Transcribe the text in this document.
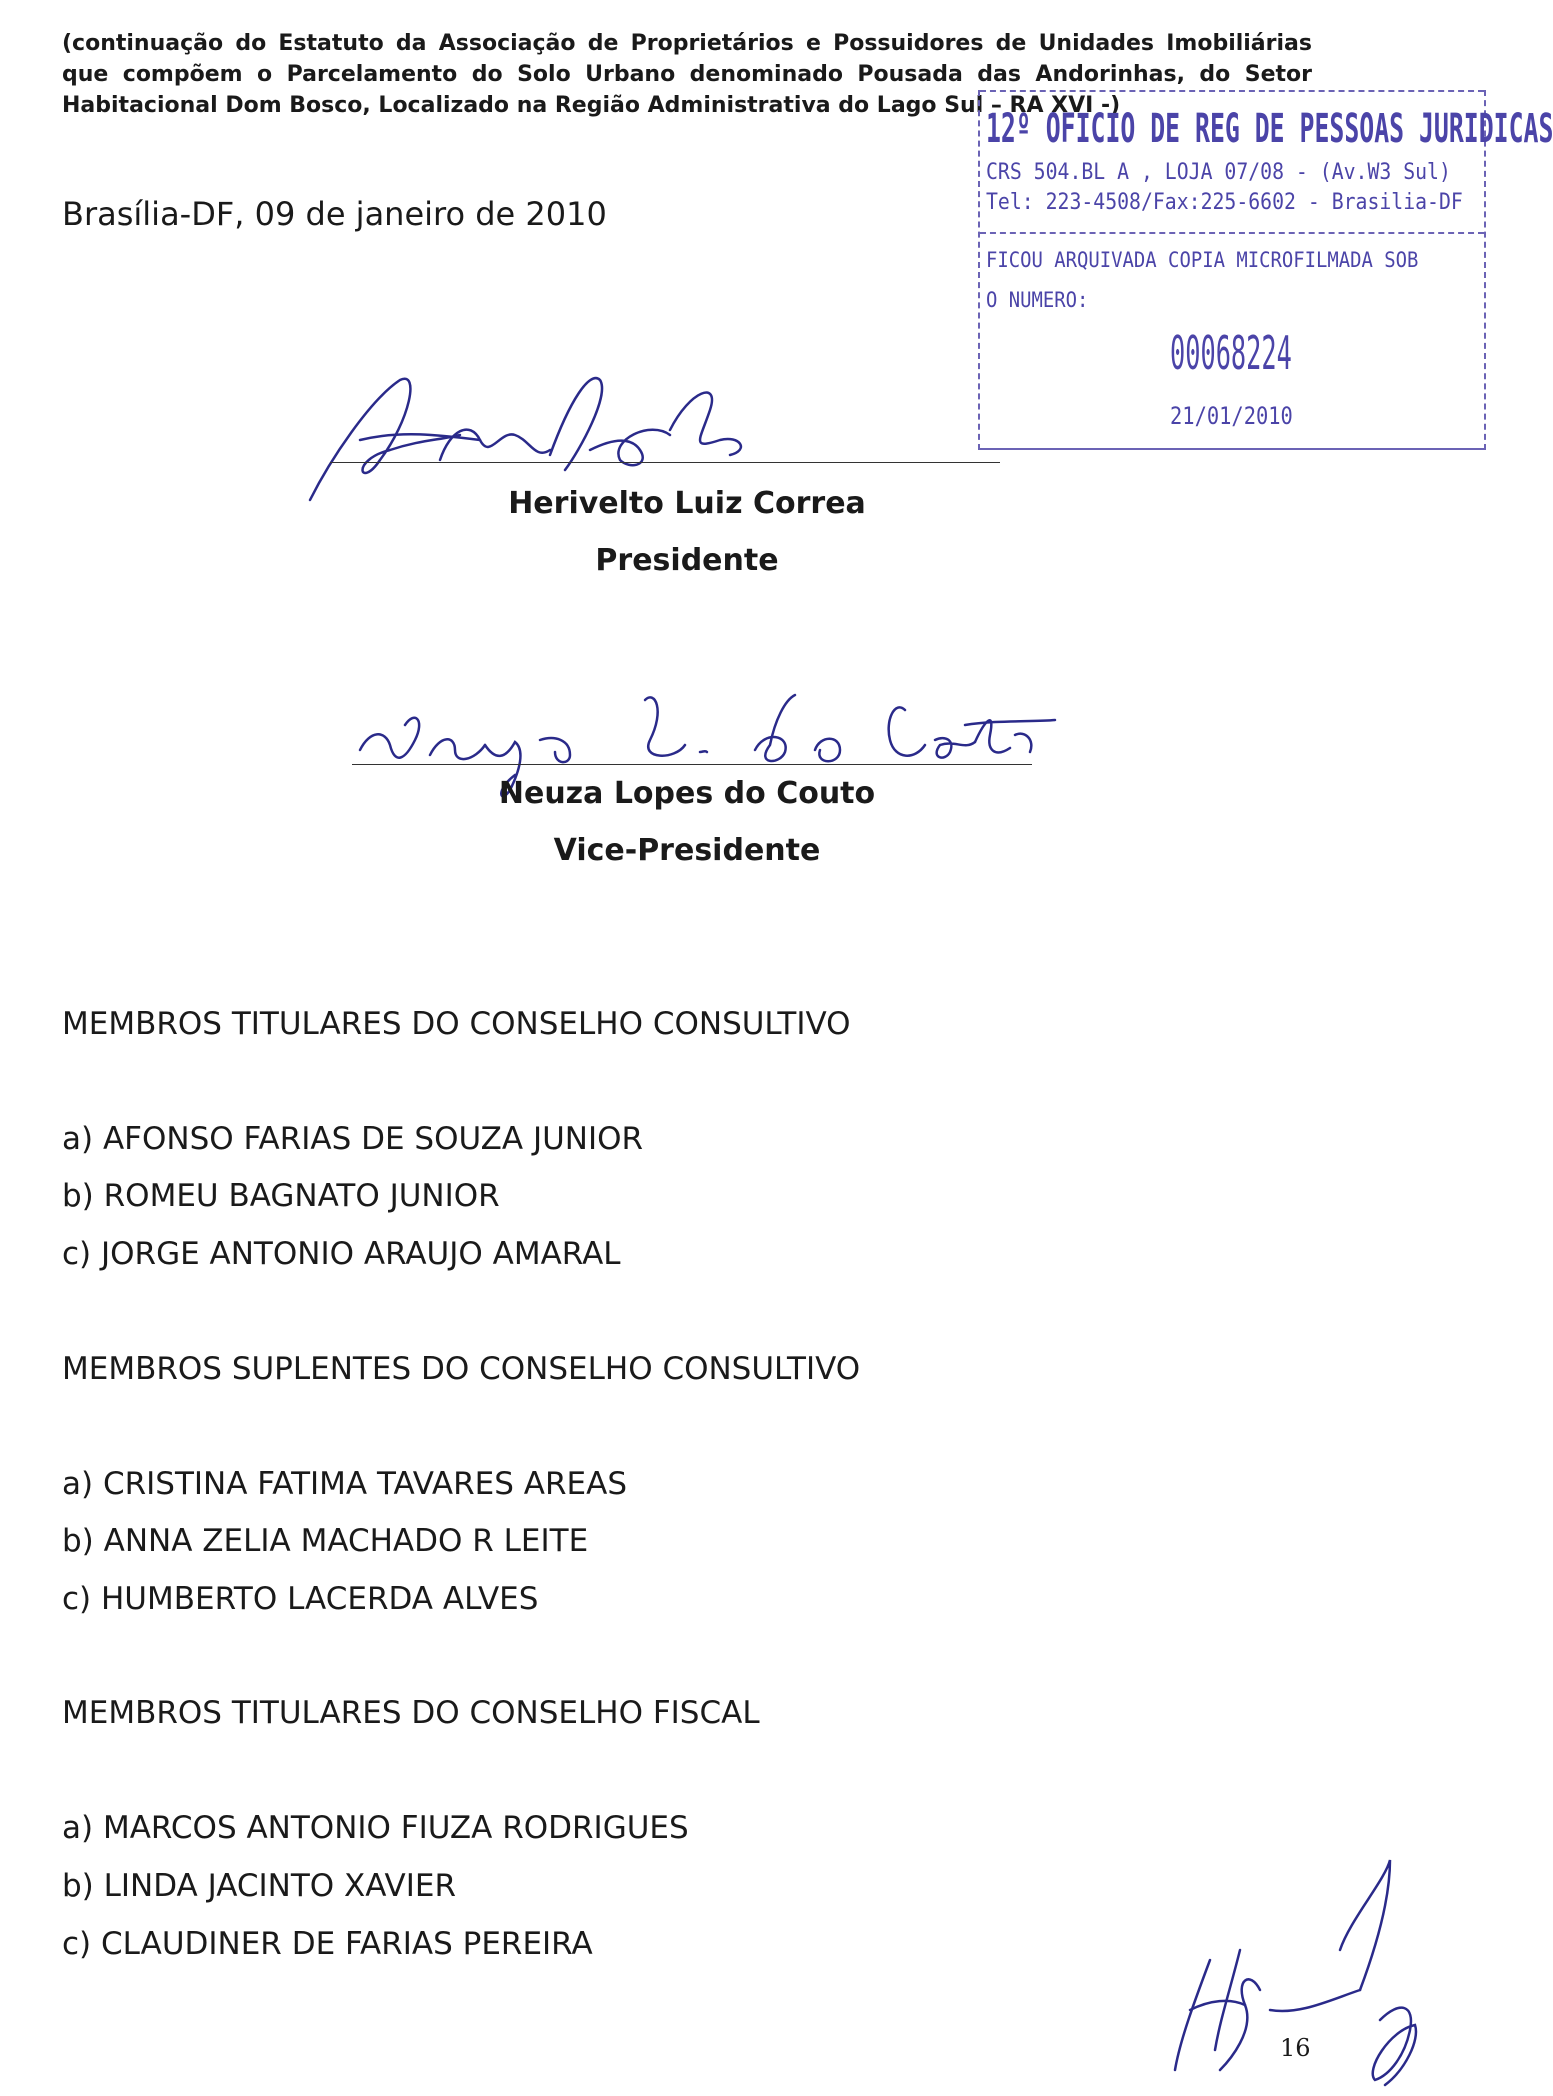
(continuação do Estatuto da Associação de Proprietários e Possuidores de Unidades Imobiliárias que compõem o Parcelamento do Solo Urbano denominado Pousada das Andorinhas, do Setor Habitacional Dom Bosco, Localizado na Região Administrativa do Lago Sul – RA XVI -)
Brasília-DF, 09 de janeiro de 2010
12º OFICIO DE REG DE PESSOAS JURIDICAS
CRS 504.BL A , LOJA 07/08 - (Av.W3 Sul)
Tel: 223-4508/Fax:225-6602 - Brasilia-DF
FICOU ARQUIVADA COPIA MICROFILMADA SOB
O NUMERO:
00068224
21/01/2010
Herivelto Luiz Correa
Presidente
Neuza Lopes do Couto
Vice-Presidente
MEMBROS TITULARES DO CONSELHO CONSULTIVO
a) AFONSO FARIAS DE SOUZA JUNIOR
b) ROMEU BAGNATO JUNIOR
c) JORGE ANTONIO ARAUJO AMARAL
MEMBROS SUPLENTES DO CONSELHO CONSULTIVO
a) CRISTINA FATIMA TAVARES AREAS
b) ANNA ZELIA MACHADO R LEITE
c) HUMBERTO LACERDA ALVES
MEMBROS TITULARES DO CONSELHO FISCAL
a) MARCOS ANTONIO FIUZA RODRIGUES
b) LINDA JACINTO XAVIER
c) CLAUDINER DE FARIAS PEREIRA
16
